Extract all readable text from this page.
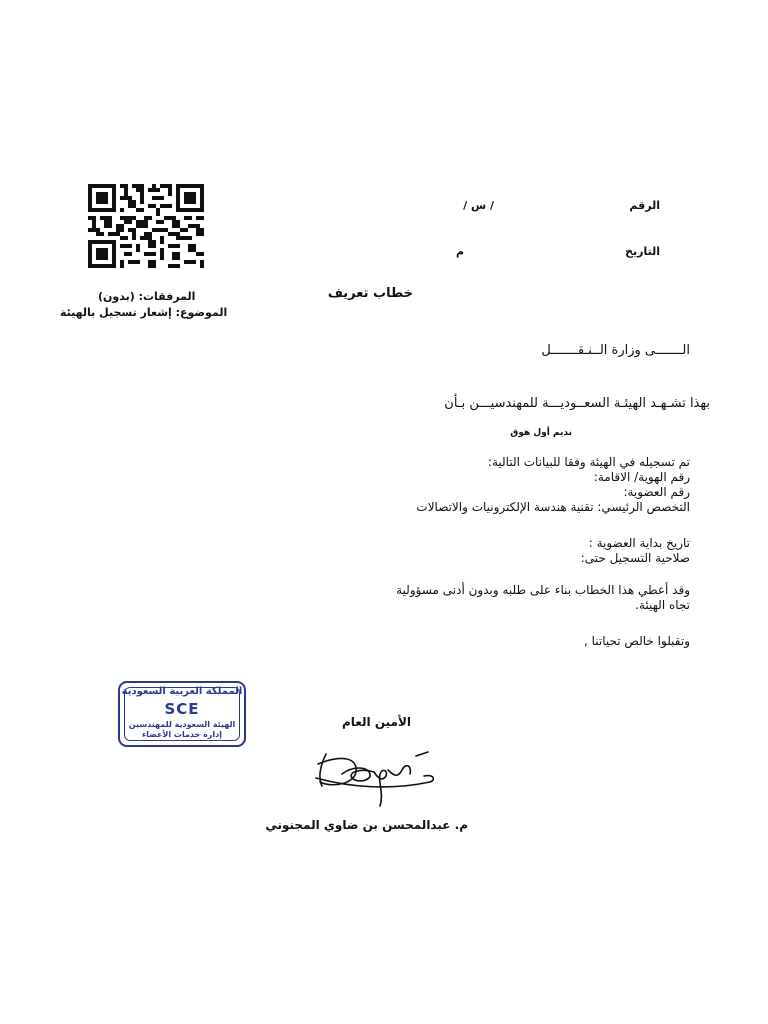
الرقم
/ س /
التاريخ
م
خطاب تعريف
المرفقات: (بدون)
الموضوع: إشعار تسجيل بالهيئة
الـــــــى وزارة الــنـقـــــــل
بهذا تشـهـد الهيئـة السعــوديـــة للمهندسيـــن بـأن
نديم أول هوق
تم تسجيله في الهيئة وفقا للبيانات التالية:
رقم الهوية/ الاقامة:
رقم العضوية:
التخصص الرئيسي: تقنية هندسة الإلكترونيات والاتصالات
تاريخ بداية العضوية :
صلاحية التسجيل حتى:
وقد أعطي هذا الخطاب بناء على طلبه وبدون أدنى مسؤولية
تجاه الهيئة.
وتقبلوا خالص تحياتنا ,
الأمين العام
م. عبدالمحسن بن ضاوي المجنوني
المملكة العربية السعودية
SCE
الهيئة السعودية للمهندسين
إدارة خدمات الأعضاء
